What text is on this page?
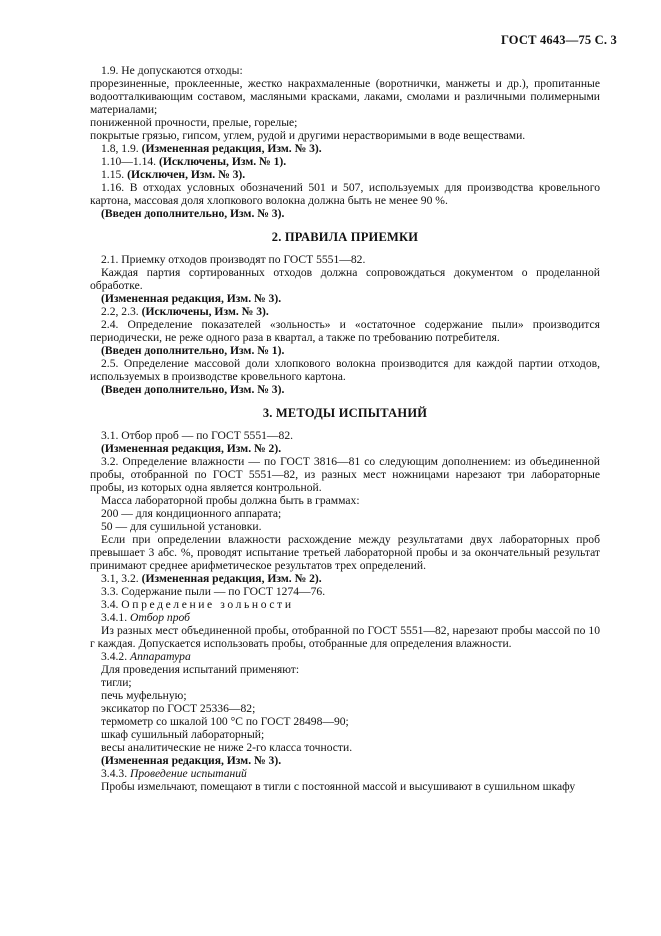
ГОСТ 4643—75 С. 3

1.9. Не допускаются отходы:

прорезиненные, проклеенные, жестко накрахмаленные (воротнички, манжеты и др.), пропитанные водоотталкивающим составом, масляными красками, лаками, смолами и различными полимерными материалами;

пониженной прочности, прелые, горелые;

покрытые грязью, гипсом, углем, рудой и другими нерастворимыми в воде веществами.

1.8, 1.9. (Измененная редакция, Изм. № 3).

1.10—1.14. (Исключены, Изм. № 1).

1.15. (Исключен, Изм. № 3).

1.16. В отходах условных обозначений 501 и 507, используемых для производства кровельного картона, массовая доля хлопкового волокна должна быть не менее 90 %.

(Введен дополнительно, Изм. № 3).

2. ПРАВИЛА ПРИЕМКИ

2.1. Приемку отходов производят по ГОСТ 5551—82.

Каждая партия сортированных отходов должна сопровождаться документом о проделанной обработке.

(Измененная редакция, Изм. № 3).

2.2, 2.3. (Исключены, Изм. № 3).

2.4. Определение показателей «зольность» и «остаточное содержание пыли» производится периодически, не реже одного раза в квартал, а также по требованию потребителя.

(Введен дополнительно, Изм. № 1).

2.5. Определение массовой доли хлопкового волокна производится для каждой партии отходов, используемых в производстве кровельного картона.

(Введен дополнительно, Изм. № 3).

3. МЕТОДЫ ИСПЫТАНИЙ

3.1. Отбор проб — по ГОСТ 5551—82.

(Измененная редакция, Изм. № 2).

3.2. Определение влажности — по ГОСТ 3816—81 со следующим дополнением: из объединенной пробы, отобранной по ГОСТ 5551—82, из разных мест ножницами нарезают три лабораторные пробы, из которых одна является контрольной.

Масса лабораторной пробы должна быть в граммах:

200 — для кондиционного аппарата;

50 — для сушильной установки.

Если при определении влажности расхождение между результатами двух лабораторных проб превышает 3 абс. %, проводят испытание третьей лабораторной пробы и за окончательный результат принимают среднее арифметическое результатов трех определений.

3.1, 3.2. (Измененная редакция, Изм. № 2).

3.3. Содержание пыли — по ГОСТ 1274—76.

3.4. Определение зольности

3.4.1. Отбор проб

Из разных мест объединенной пробы, отобранной по ГОСТ 5551—82, нарезают пробы массой по 10 г каждая. Допускается использовать пробы, отобранные для определения влажности.

3.4.2. Аппаратура

Для проведения испытаний применяют:

тигли;

печь муфельную;

эксикатор по ГОСТ 25336—82;

термометр со шкалой 100 °С по ГОСТ 28498—90;

шкаф сушильный лабораторный;

весы аналитические не ниже 2-го класса точности.

(Измененная редакция, Изм. № 3).

3.4.3. Проведение испытаний

Пробы измельчают, помещают в тигли с постоянной массой и высушивают в сушильном шкафу
